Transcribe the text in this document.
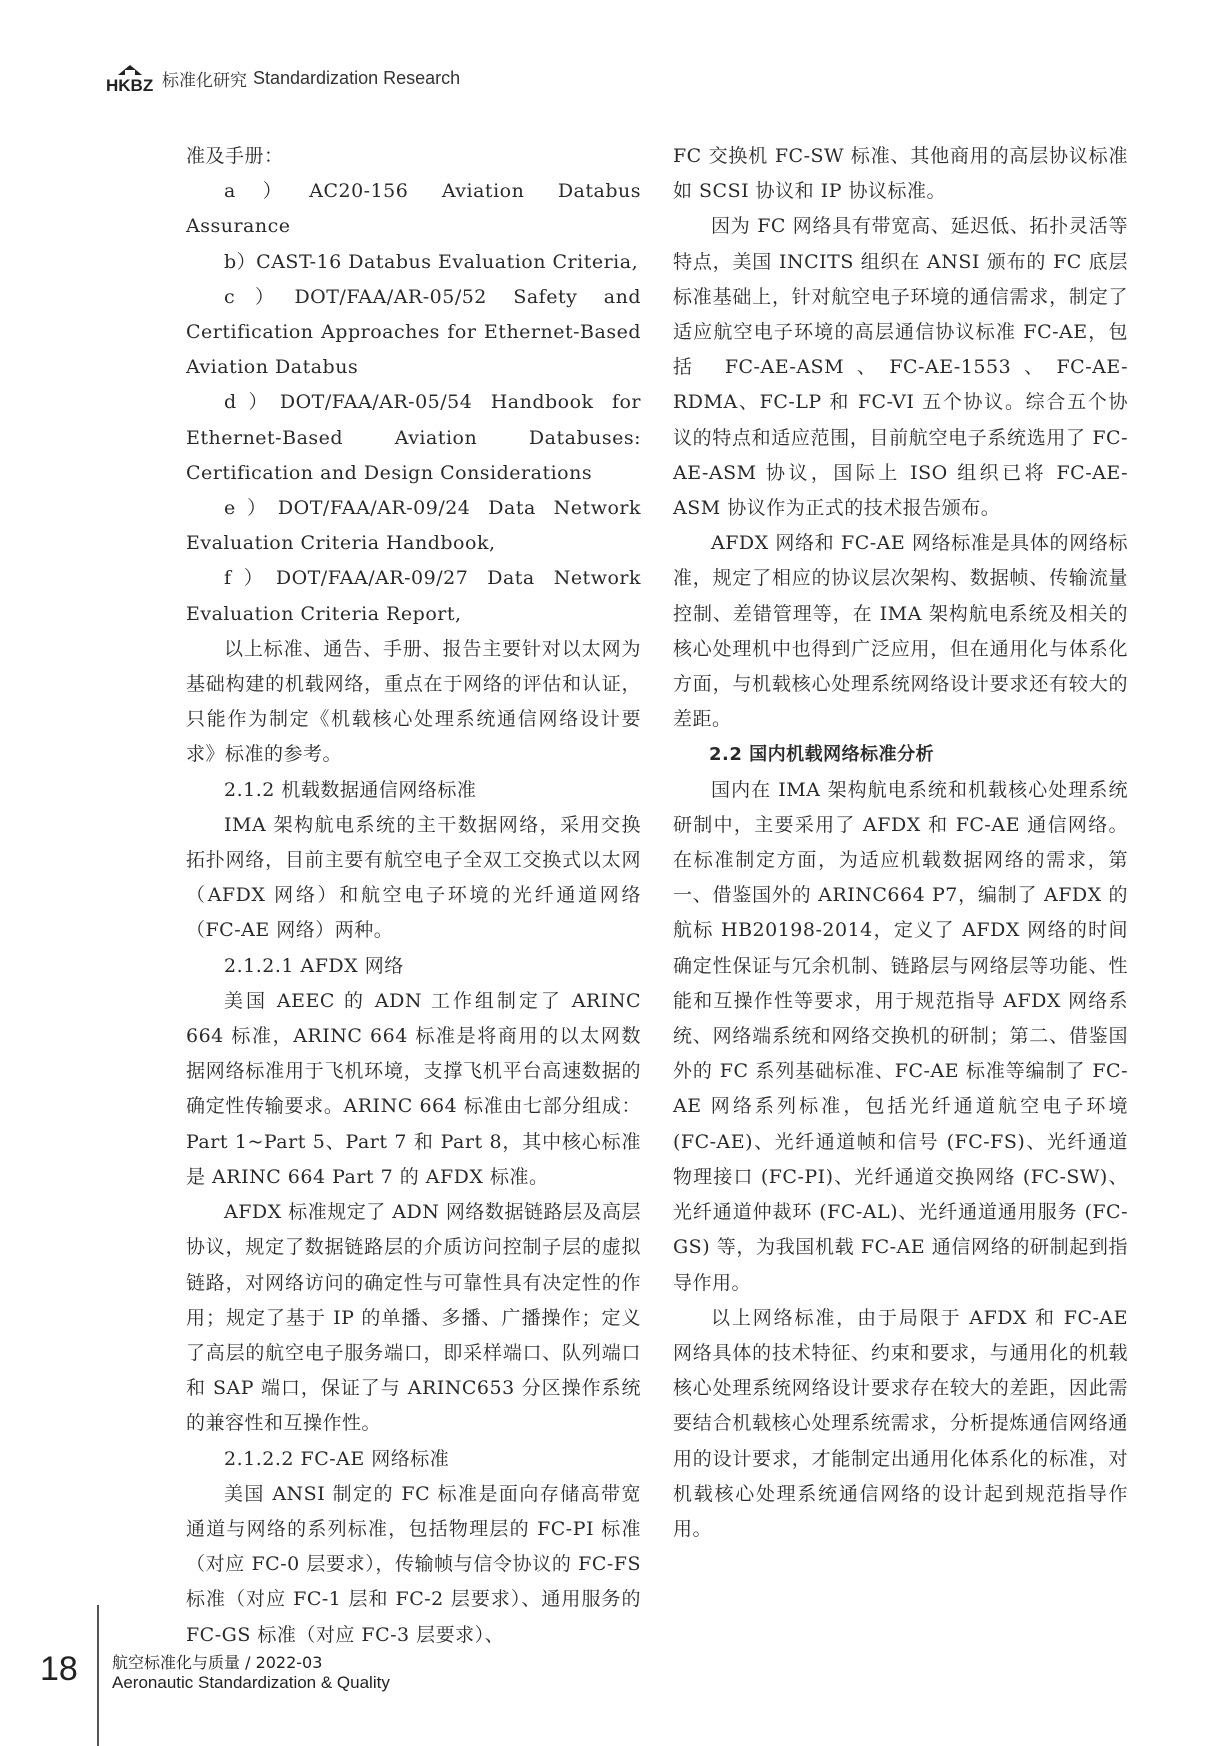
HKBZ 标准化研究 Standardization Research

准及手册：

a）AC20-156 Aviation Databus Assurance

b）CAST-16 Databus Evaluation Criteria,

c）DOT/FAA/AR-05/52 Safety and Certification Approaches for Ethernet-Based Aviation Databus

d）DOT/FAA/AR-05/54 Handbook for Ethernet-Based Aviation Databuses: Certification and Design Considerations

e）DOT/FAA/AR-09/24 Data Network Evaluation Criteria Handbook,

f）DOT/FAA/AR-09/27 Data Network Evaluation Criteria Report,

以上标准、通告、手册、报告主要针对以太网为基础构建的机载网络，重点在于网络的评估和认证，只能作为制定《机载核心处理系统通信网络设计要求》标准的参考。

2.1.2 机载数据通信网络标准

IMA 架构航电系统的主干数据网络，采用交换拓扑网络，目前主要有航空电子全双工交换式以太网（AFDX 网络）和航空电子环境的光纤通道网络（FC-AE 网络）两种。

2.1.2.1 AFDX 网络

美国 AEEC 的 ADN 工作组制定了 ARINC 664 标准，ARINC 664 标准是将商用的以太网数据网络标准用于飞机环境，支撑飞机平台高速数据的确定性传输要求。ARINC 664 标准由七部分组成：Part 1~Part 5、Part 7 和 Part 8，其中核心标准是 ARINC 664 Part 7 的 AFDX 标准。

AFDX 标准规定了 ADN 网络数据链路层及高层协议，规定了数据链路层的介质访问控制子层的虚拟链路，对网络访问的确定性与可靠性具有决定性的作用；规定了基于 IP 的单播、多播、广播操作；定义了高层的航空电子服务端口，即采样端口、队列端口和 SAP 端口，保证了与 ARINC653 分区操作系统的兼容性和互操作性。

2.1.2.2 FC-AE 网络标准

美国 ANSI 制定的 FC 标准是面向存储高带宽通道与网络的系列标准，包括物理层的 FC-PI 标准（对应 FC-0 层要求），传输帧与信令协议的 FC-FS 标准（对应 FC-1 层和 FC-2 层要求）、通用服务的 FC-GS 标准（对应 FC-3 层要求）、

FC 交换机 FC-SW 标准、其他商用的高层协议标准如 SCSI 协议和 IP 协议标准。

因为 FC 网络具有带宽高、延迟低、拓扑灵活等特点，美国 INCITS 组织在 ANSI 颁布的 FC 底层标准基础上，针对航空电子环境的通信需求，制定了适应航空电子环境的高层通信协议标准 FC-AE，包括 FC-AE-ASM、FC-AE-1553、FC-AE-RDMA、FC-LP 和 FC-VI 五个协议。综合五个协议的特点和适应范围，目前航空电子系统选用了 FC-AE-ASM 协议，国际上 ISO 组织已将 FC-AE-ASM 协议作为正式的技术报告颁布。

AFDX 网络和 FC-AE 网络标准是具体的网络标准，规定了相应的协议层次架构、数据帧、传输流量控制、差错管理等，在 IMA 架构航电系统及相关的核心处理机中也得到广泛应用，但在通用化与体系化方面，与机载核心处理系统网络设计要求还有较大的差距。

2.2 国内机载网络标准分析

国内在 IMA 架构航电系统和机载核心处理系统研制中，主要采用了 AFDX 和 FC-AE 通信网络。在标准制定方面，为适应机载数据网络的需求，第一、借鉴国外的 ARINC664 P7，编制了 AFDX 的航标 HB20198-2014，定义了 AFDX 网络的时间确定性保证与冗余机制、链路层与网络层等功能、性能和互操作性等要求，用于规范指导 AFDX 网络系统、网络端系统和网络交换机的研制；第二、借鉴国外的 FC 系列基础标准、FC-AE 标准等编制了 FC-AE 网络系列标准，包括光纤通道航空电子环境 (FC-AE)、光纤通道帧和信号 (FC-FS)、光纤通道物理接口 (FC-PI)、光纤通道交换网络 (FC-SW)、光纤通道仲裁环 (FC-AL)、光纤通道通用服务 (FC-GS) 等，为我国机载 FC-AE 通信网络的研制起到指导作用。

以上网络标准，由于局限于 AFDX 和 FC-AE 网络具体的技术特征、约束和要求，与通用化的机载核心处理系统网络设计要求存在较大的差距，因此需要结合机载核心处理系统需求，分析提炼通信网络通用的设计要求，才能制定出通用化体系化的标准，对机载核心处理系统通信网络的设计起到规范指导作用。

18 航空标准化与质量 / 2022-03
Aeronautic Standardization & Quality
